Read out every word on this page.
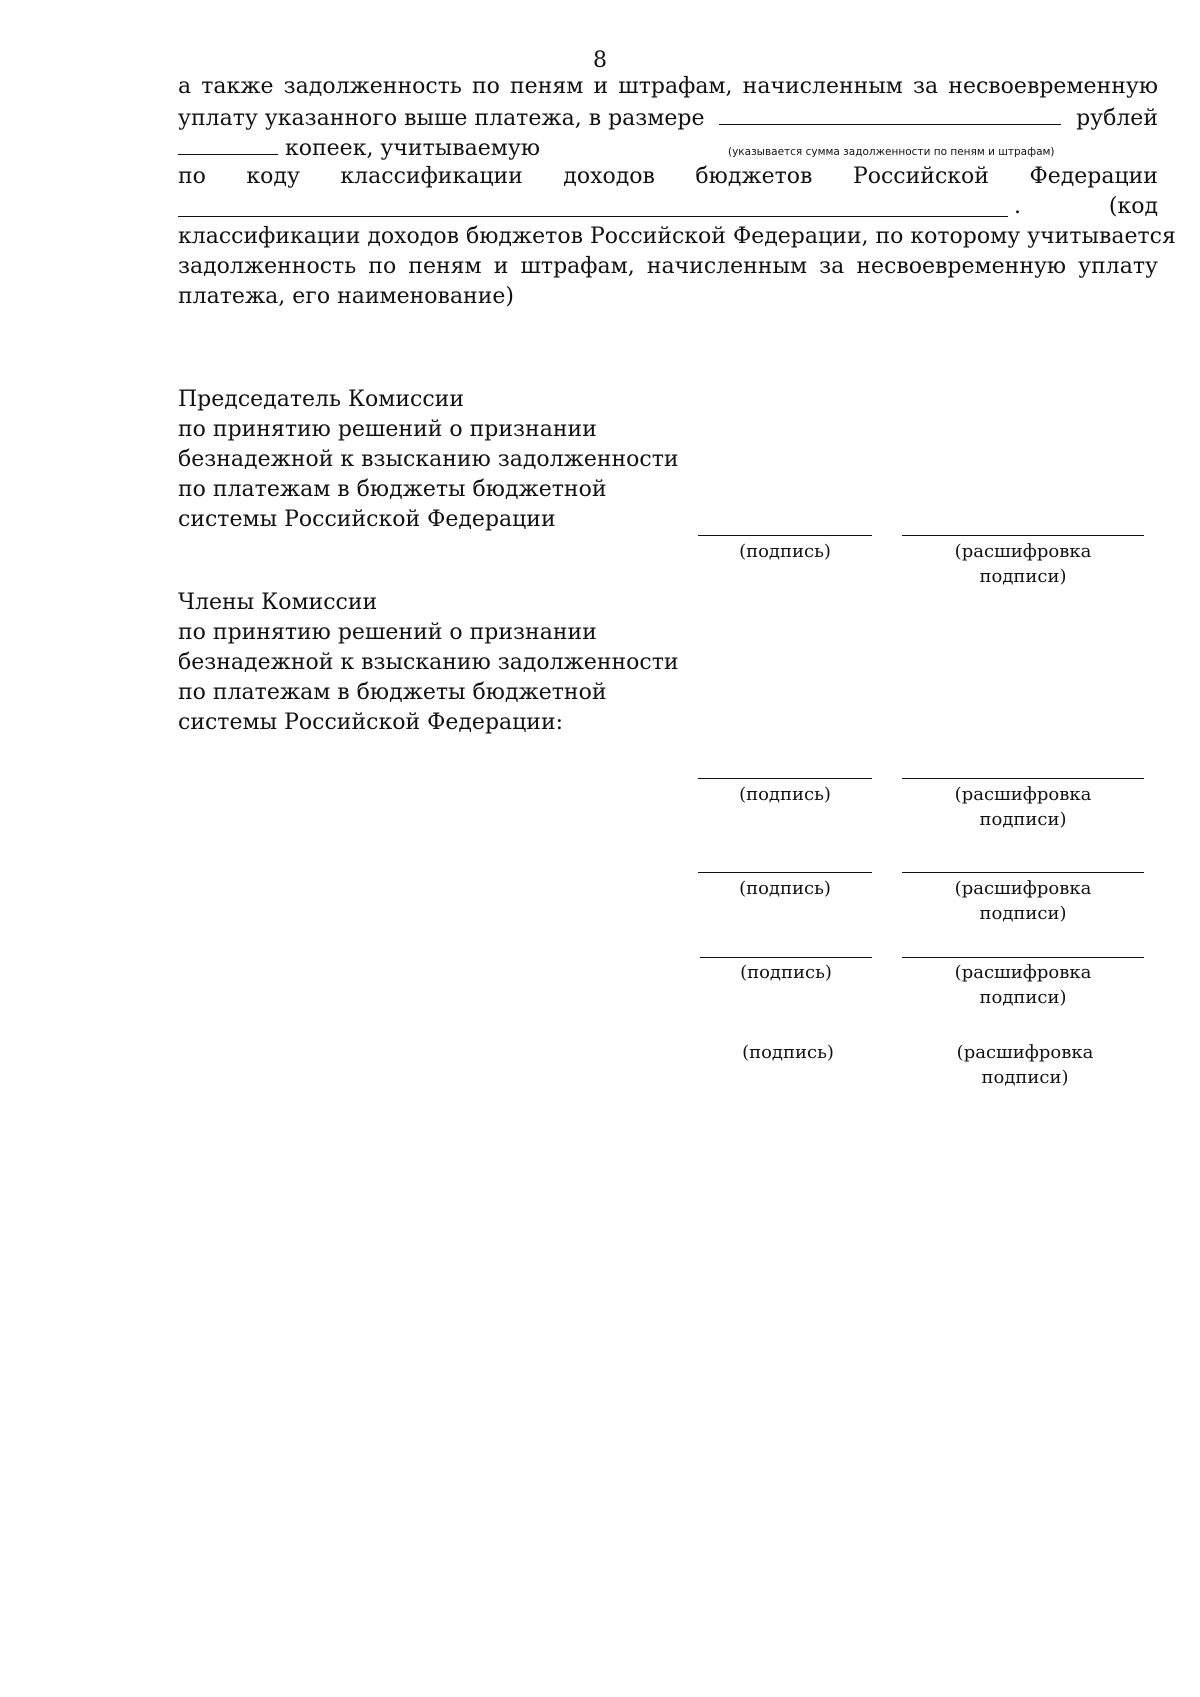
8
а также задолженность по пеням и штрафам, начисленным за несвоевременную
уплату указанного выше платежа, в размере	рублей
копеек, учитываемую	(указывается сумма задолженности по пеням и штрафам)
по коду классификации доходов бюджетов Российской Федерации
.	(код
классификации доходов бюджетов Российской Федерации, по которому учитывается
задолженность по пеням и штрафам, начисленным за несвоевременную уплату
платежа, его наименование)
Председатель Комиссии
по принятию решений о признании
безнадежной к взысканию задолженности
по платежам в бюджеты бюджетной
системы Российской Федерации
(подпись)	(расшифровка
подписи)
Члены Комиссии
по принятию решений о признании
безнадежной к взысканию задолженности
по платежам в бюджеты бюджетной
системы Российской Федерации:
(подпись)	(расшифровка
подписи)
(подпись)	(расшифровка
подписи)
(подпись)	(расшифровка
подписи)
(подпись)	(расшифровка
подписи)
